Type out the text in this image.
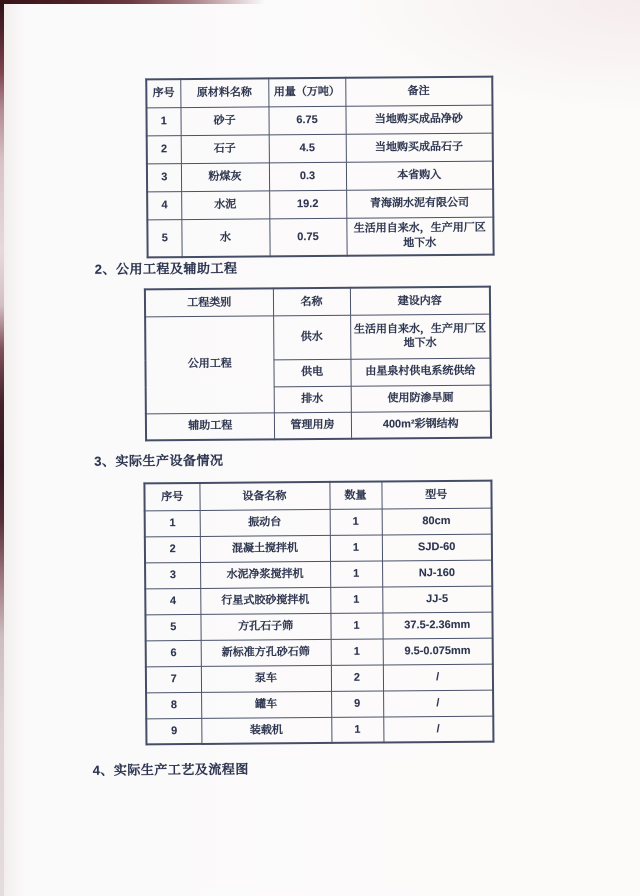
序号	原材料名称	用量（万吨）	备注
1	砂子	6.75	当地购买成品净砂
2	石子	4.5	当地购买成品石子
3	粉煤灰	0.3	本省购入
4	水泥	19.2	青海湖水泥有限公司
5	水	0.75	生活用自来水，生产用厂区地下水
2、公用工程及辅助工程
工程类别	名称	建设内容
公用工程	供水	生活用自来水，生产用厂区地下水
	供电	由星泉村供电系统供给
	排水	使用防渗旱厕
辅助工程	管理用房	400m²彩钢结构
3、实际生产设备情况
序号	设备名称	数量	型号
1	振动台	1	80cm
2	混凝土搅拌机	1	SJD-60
3	水泥净浆搅拌机	1	NJ-160
4	行星式胶砂搅拌机	1	JJ-5
5	方孔石子筛	1	37.5-2.36mm
6	新标准方孔砂石筛	1	9.5-0.075mm
7	泵车	2	/
8	罐车	9	/
9	装载机	1	/
4、实际生产工艺及流程图
